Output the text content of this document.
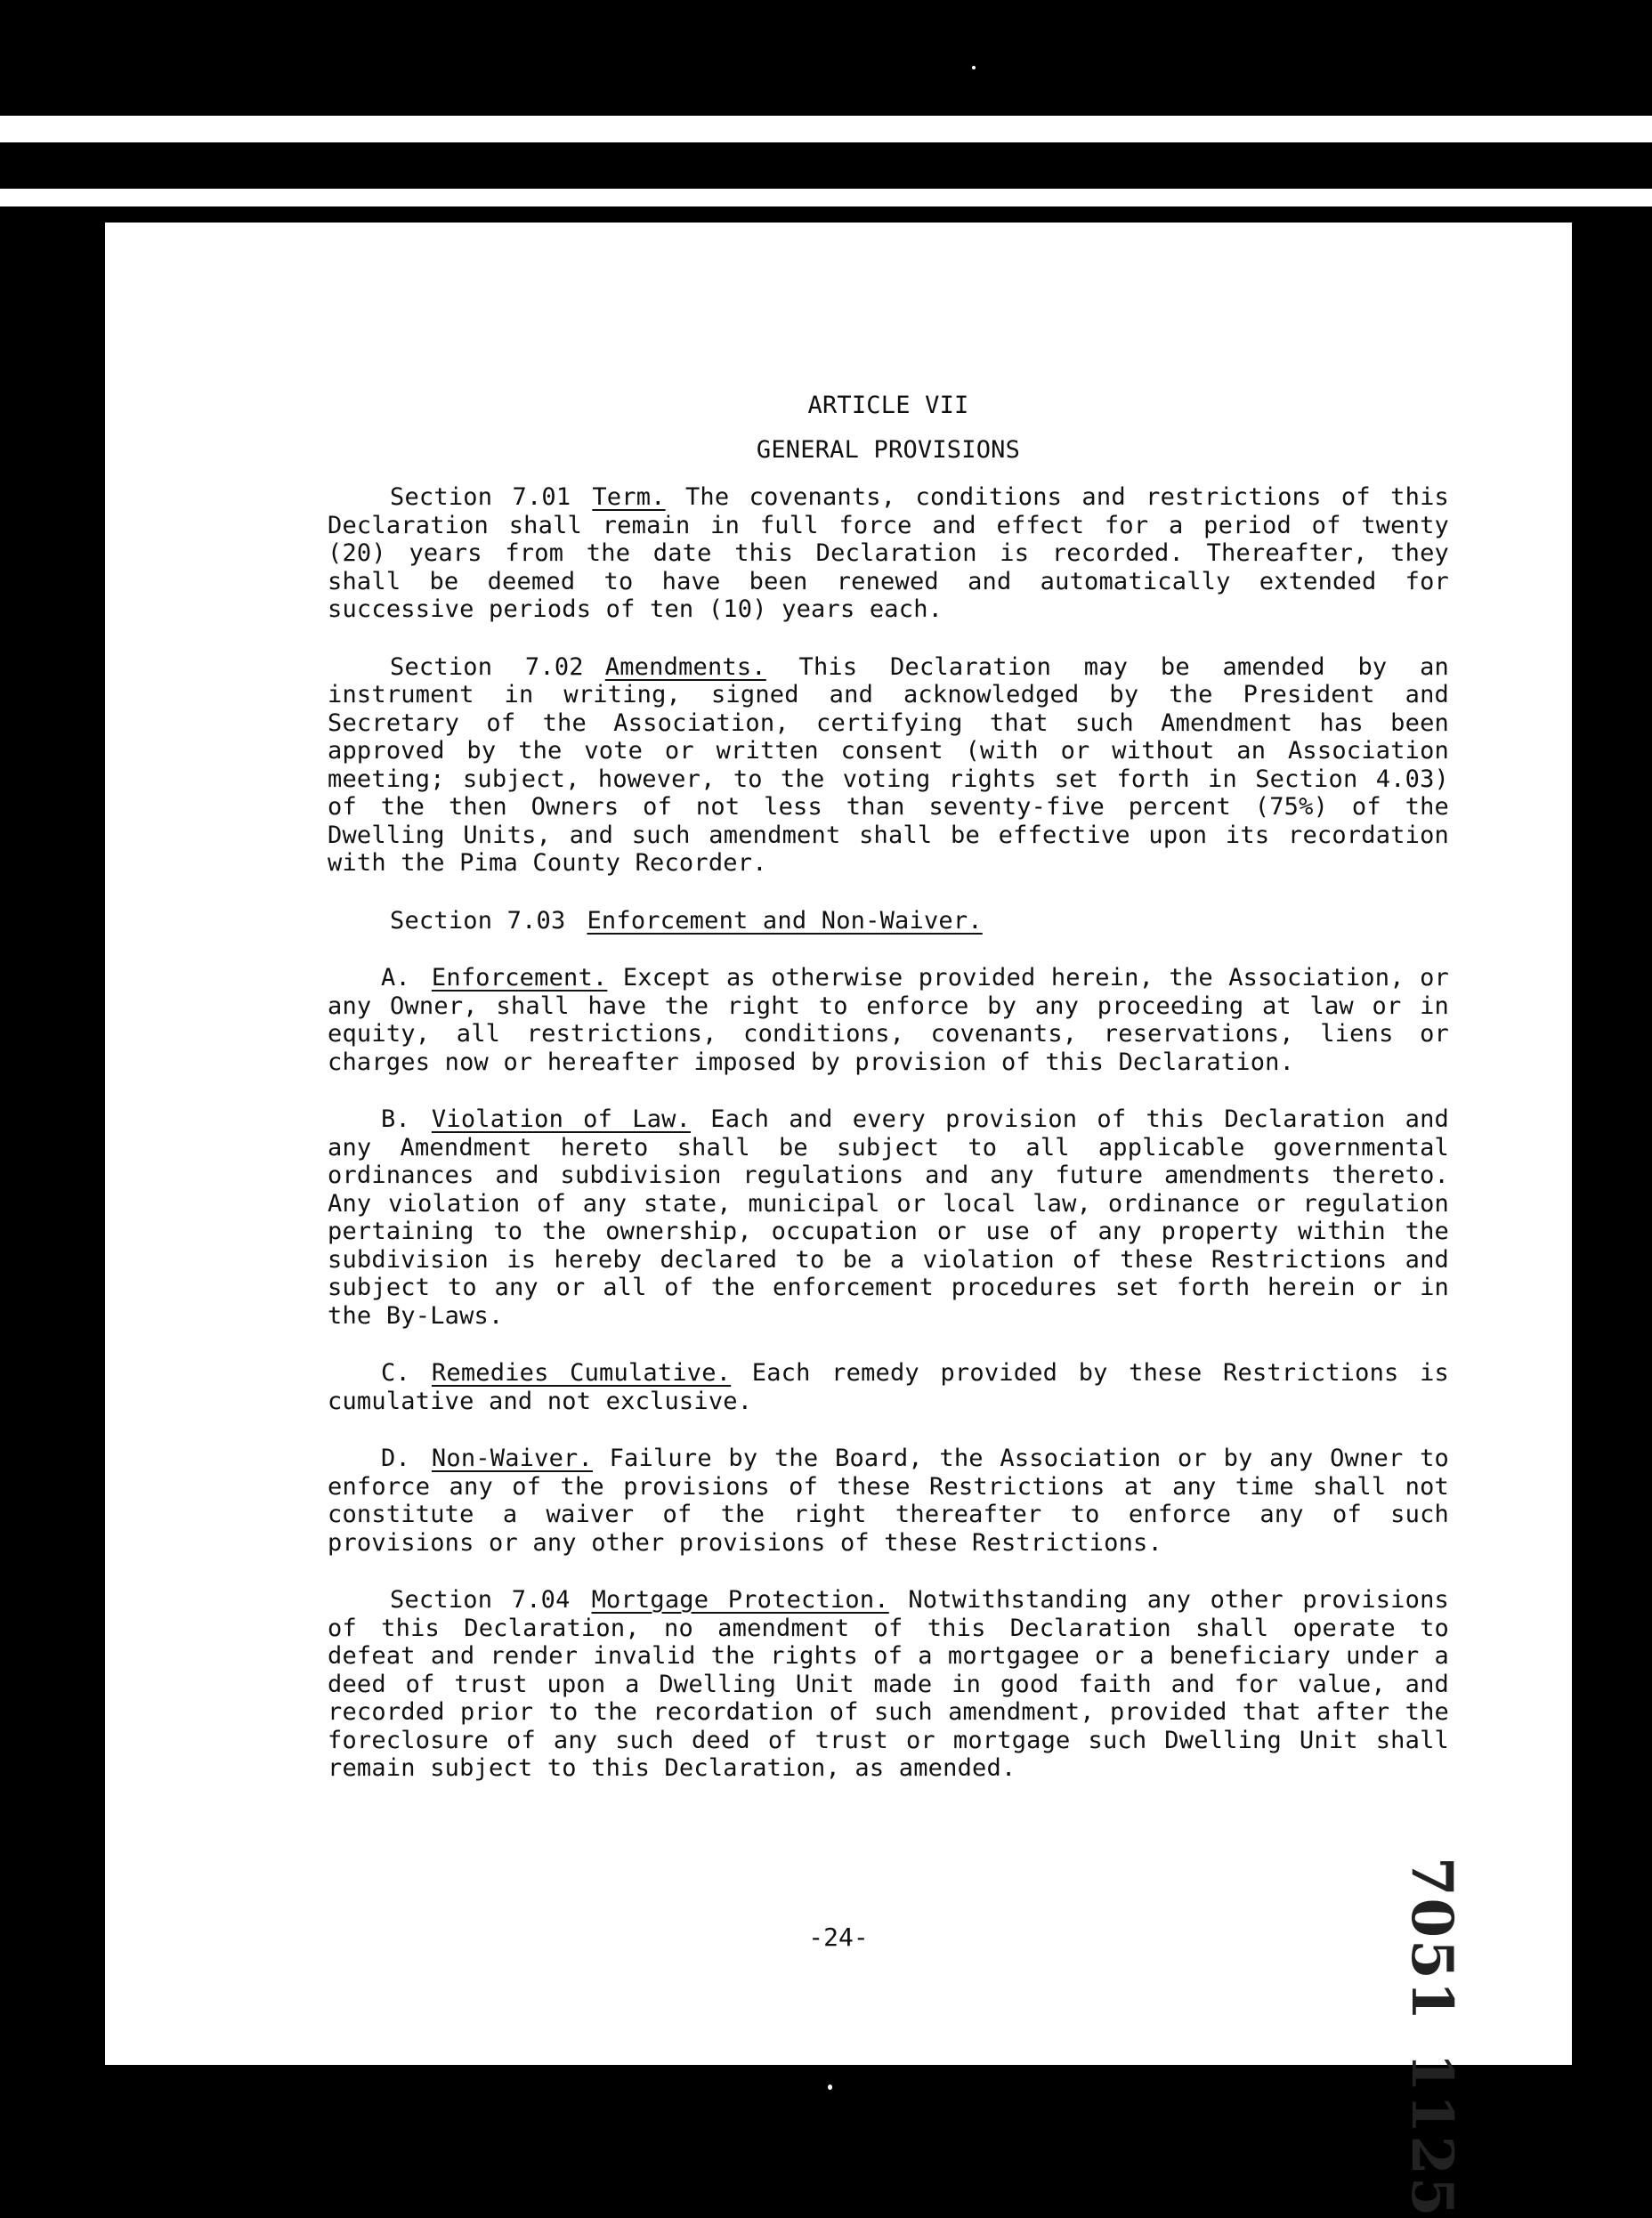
ARTICLE VII
GENERAL PROVISIONS

Section 7.01 Term. The covenants, conditions and restrictions of this Declaration shall remain in full force and effect for a period of twenty (20) years from the date this Declaration is recorded. Thereafter, they shall be deemed to have been renewed and automatically extended for successive periods of ten (10) years each.

Section 7.02 Amendments. This Declaration may be amended by an instrument in writing, signed and acknowledged by the President and Secretary of the Association, certifying that such Amendment has been approved by the vote or written consent (with or without an Association meeting; subject, however, to the voting rights set forth in Section 4.03) of the then Owners of not less than seventy-five percent (75%) of the Dwelling Units, and such amendment shall be effective upon its recordation with the Pima County Recorder.

Section 7.03 Enforcement and Non-Waiver.

A. Enforcement. Except as otherwise provided herein, the Association, or any Owner, shall have the right to enforce by any proceeding at law or in equity, all restrictions, conditions, covenants, reservations, liens or charges now or hereafter imposed by provision of this Declaration.

B. Violation of Law. Each and every provision of this Declaration and any Amendment hereto shall be subject to all applicable governmental ordinances and subdivision regulations and any future amendments thereto. Any violation of any state, municipal or local law, ordinance or regulation pertaining to the ownership, occupation or use of any property within the subdivision is hereby declared to be a violation of these Restrictions and subject to any or all of the enforcement procedures set forth herein or in the By-Laws.

C. Remedies Cumulative. Each remedy provided by these Restrictions is cumulative and not exclusive.

D. Non-Waiver. Failure by the Board, the Association or by any Owner to enforce any of the provisions of these Restrictions at any time shall not constitute a waiver of the right thereafter to enforce any of such provisions or any other provisions of these Restrictions.

Section 7.04 Mortgage Protection. Notwithstanding any other provisions of this Declaration, no amendment of this Declaration shall operate to defeat and render invalid the rights of a mortgagee or a beneficiary under a deed of trust upon a Dwelling Unit made in good faith and for value, and recorded prior to the recordation of such amendment, provided that after the foreclosure of any such deed of trust or mortgage such Dwelling Unit shall remain subject to this Declaration, as amended.

-24-	7051 1125
